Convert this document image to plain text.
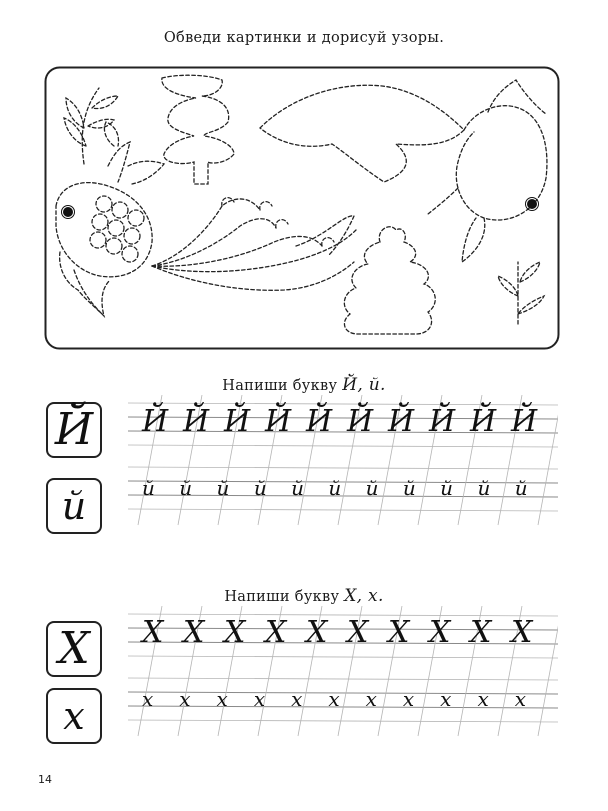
Обведи картинки и дорисуй узоры.
Напиши букву Й, й.
Й
й
Й Й Й Й Й Й Й Й Й Й
й й й й й й й й й й й
Напиши букву Х, х.
Х
х
Х Х Х Х Х Х Х Х Х Х
х х х х х х х х х х х
14
